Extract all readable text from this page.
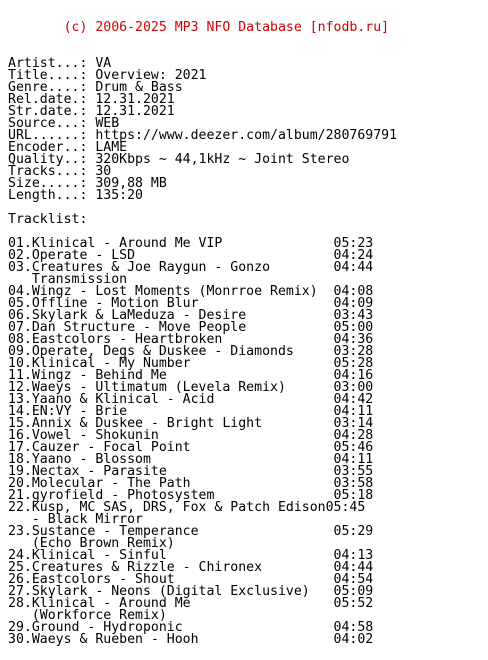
(c) 2006-2025 MP3 NFO Database [nfodb.ru]

Artist...: VA
Title....: Overview: 2021
Genre....: Drum & Bass
Rel.date.: 12.31.2021
Str.date.: 12.31.2021
Source...: WEB
URL......: https://www.deezer.com/album/280769791
Encoder..: LAME
Quality..: 320Kbps ~ 44,1kHz ~ Joint Stereo
Tracks...: 30
Size.....: 309,88 MB
Length...: 135:20
Tracklist:
01.Klinical - Around Me VIP              05:23
02.Operate - LSD                         04:24
03.Creatures & Joe Raygun - Gonzo        04:44
Transmission
04.Wingz - Lost Moments (Monrroe Remix)  04:08
05.Offline - Motion Blur                 04:09
06.Skylark & LaMeduza - Desire           03:43
07.Dan Structure - Move People           05:00
08.Eastcolors - Heartbroken              04:36
09.Operate, Degs & Duskee - Diamonds     03:28
10.Klinical - My Number                  05:28
11.Wingz - Behind Me                     04:16
12.Waeys - Ultimatum (Levela Remix)      03:00
13.Yaano & Klinical - Acid               04:42
14.EN:VY - Brie                          04:11
15.Annix & Duskee - Bright Light         03:14
16.Vowel - Shokunin                      04:28
17.Cauzer - Focal Point                  05:46
18.Yaano - Blossom                       04:11
19.Nectax - Parasite                     03:55
20.Molecular - The Path                  03:58
21.gyrofield - Photosystem               05:18
22.Kusp, MC SAS, DRS, Fox & Patch Edison05:45
- Black Mirror
23.Sustance - Temperance                 05:29
(Echo Brown Remix)
24.Klinical - Sinful                     04:13
25.Creatures & Rizzle - Chironex         04:44
26.Eastcolors - Shout                    04:54
27.Skylark - Neons (Digital Exclusive)   05:09
28.Klinical - Around Me                  05:52
(Workforce Remix)
29.Ground - Hydroponic                   04:58
30.Waeys & Rueben - Hooh                 04:02
